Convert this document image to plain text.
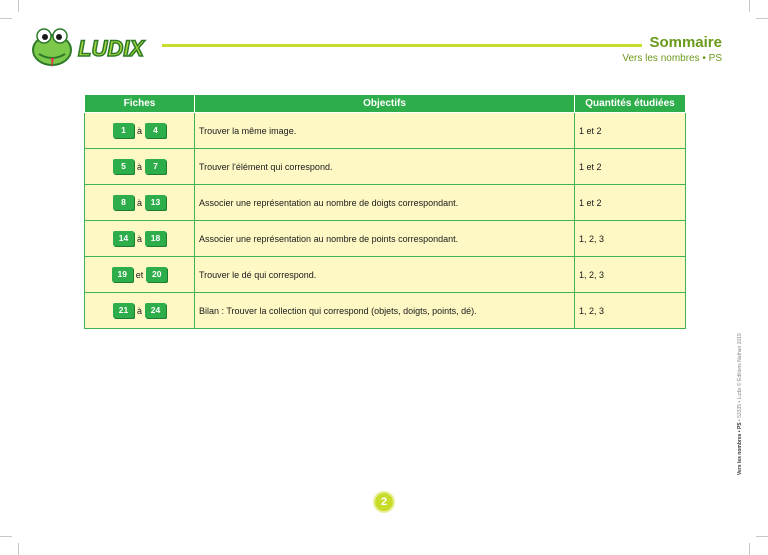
LUDIX	Sommaire
Vers les nombres • PS
Fiches	Objectifs	Quantités étudiées
1 à 4	Trouver la même image.	1 et 2
5 à 7	Trouver l'élément qui correspond.	1 et 2
8 à 13	Associer une représentation au nombre de doigts correspondant.	1 et 2
14 à 18	Associer une représentation au nombre de points correspondant.	1, 2, 3
19 et 20	Trouver le dé qui correspond.	1, 2, 3
21 à 24	Bilan : Trouver la collection qui correspond (objets, doigts, points, dé).	1, 2, 3
2
Vers les nombres • PS • 53335 • Ludix © Éditions Nathan 2019
